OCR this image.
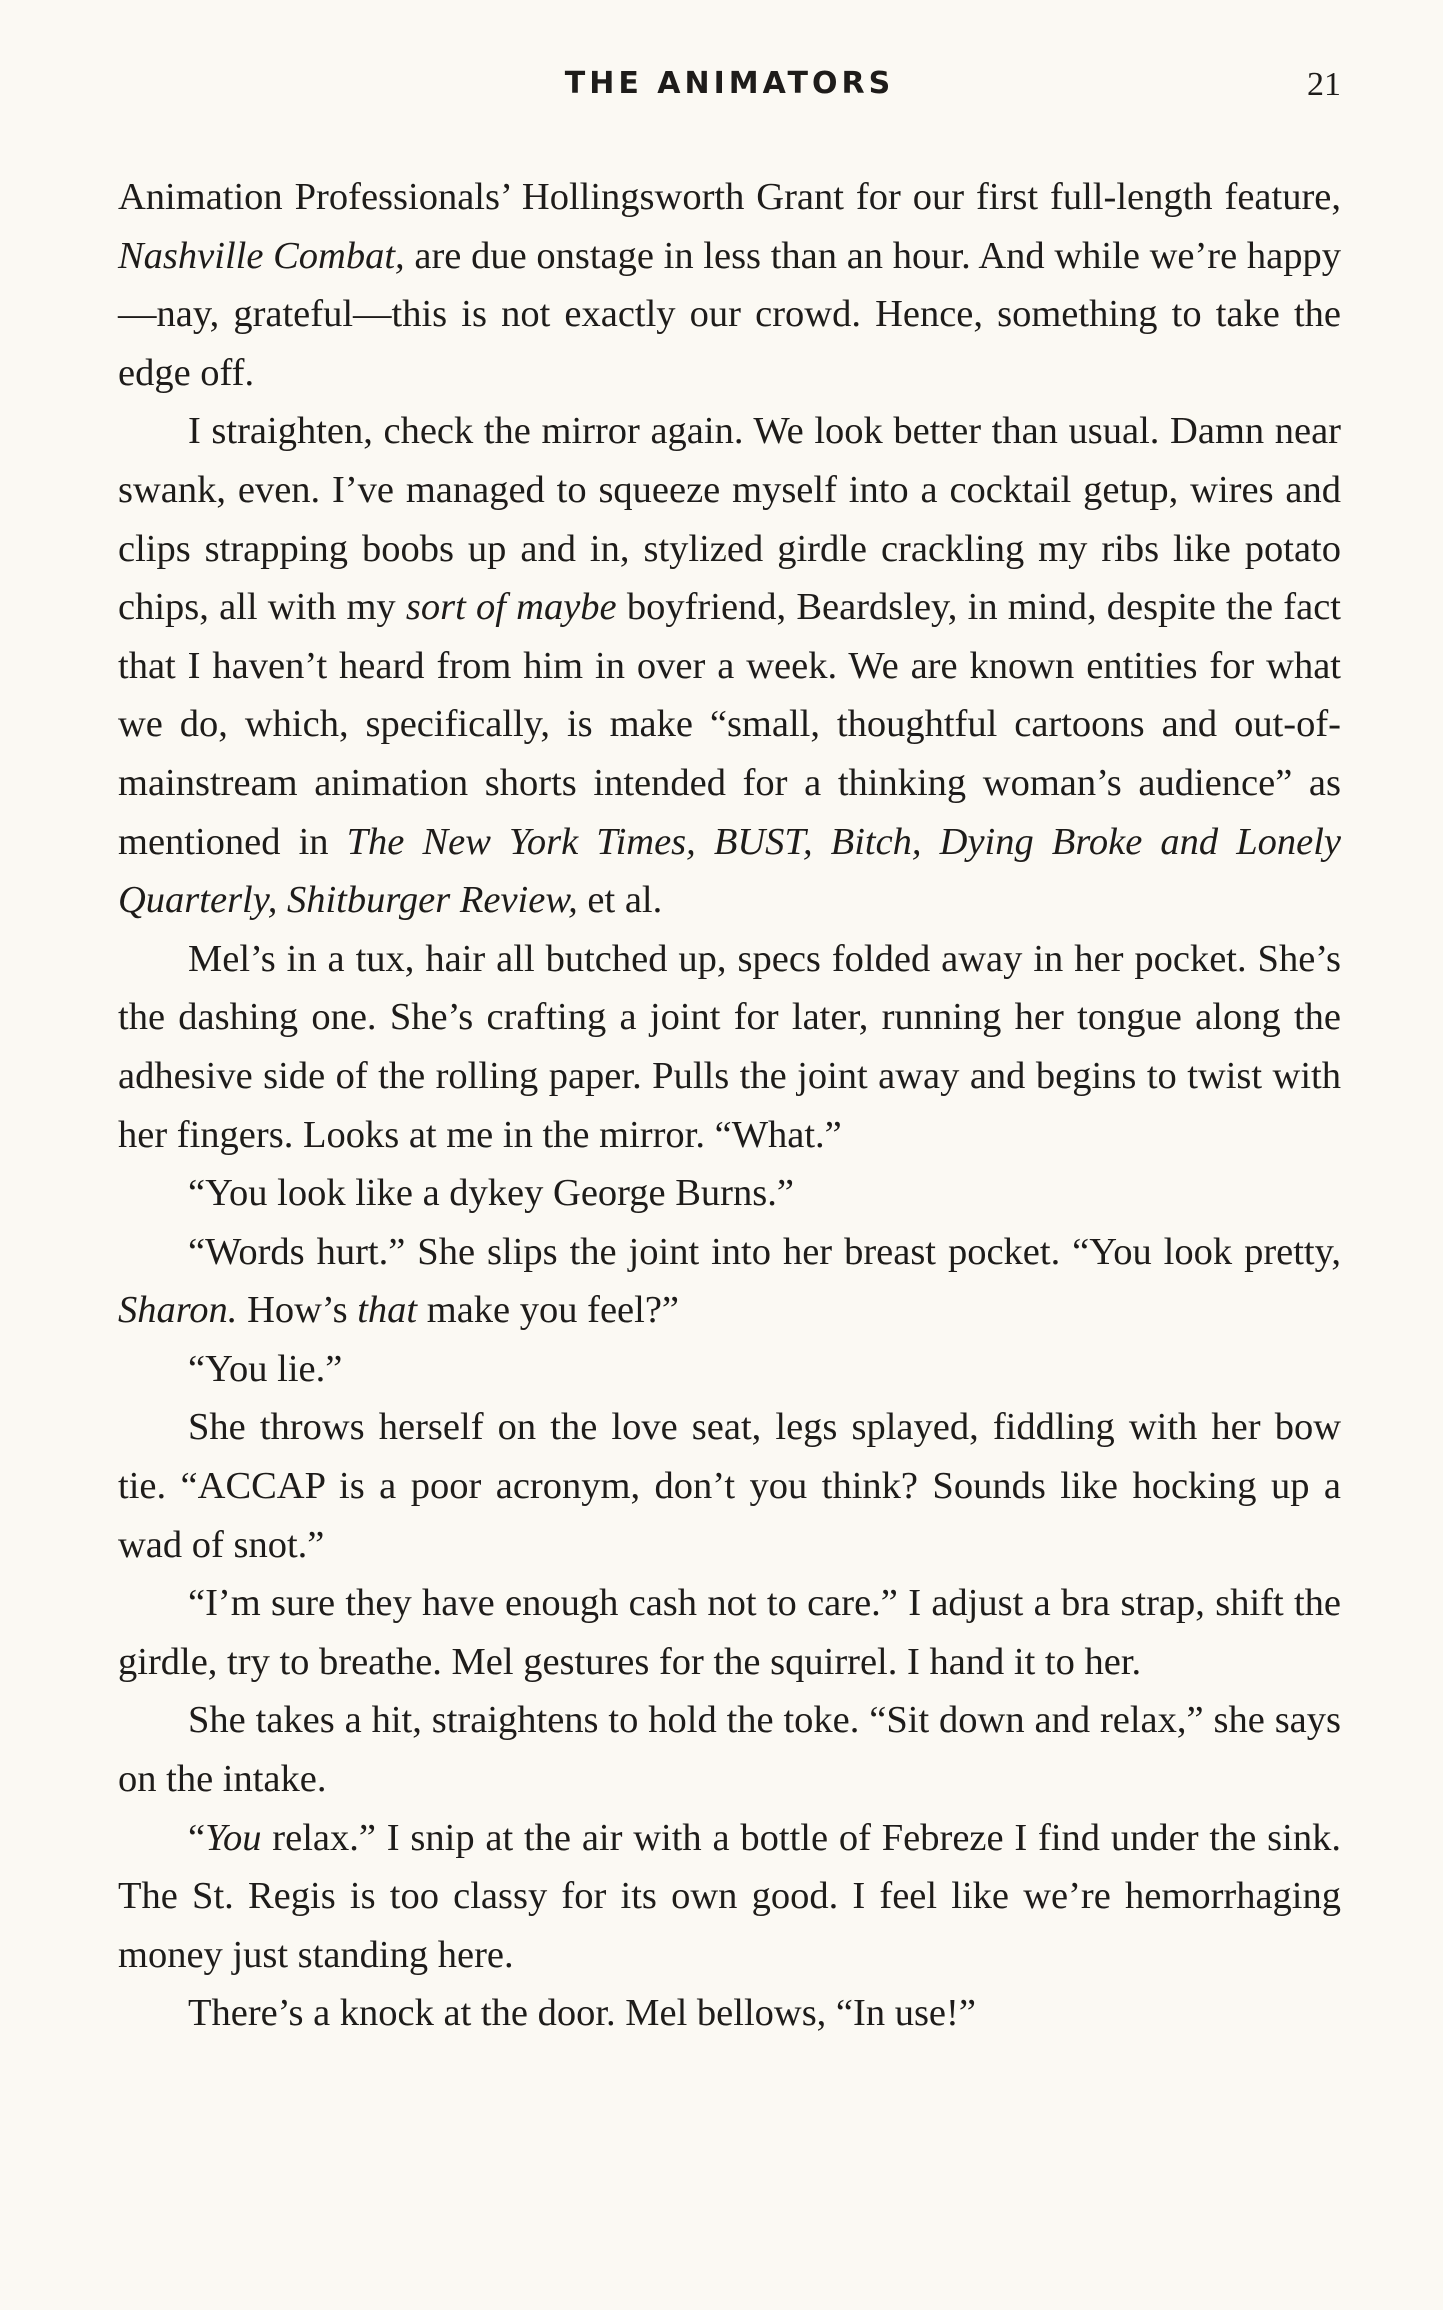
THE ANIMATORS	21

Animation Professionals’ Hollingsworth Grant for our first full-length feature, Nashville Combat, are due onstage in less than an hour. And while we’re happy—nay, grateful—this is not exactly our crowd. Hence, something to take the edge off.

I straighten, check the mirror again. We look better than usual. Damn near swank, even. I’ve managed to squeeze myself into a cocktail getup, wires and clips strapping boobs up and in, stylized girdle crackling my ribs like potato chips, all with my sort of maybe boyfriend, Beardsley, in mind, despite the fact that I haven’t heard from him in over a week. We are known entities for what we do, which, specifically, is make “small, thoughtful cartoons and out-of-mainstream animation shorts intended for a thinking woman’s audience” as mentioned in The New York Times, BUST, Bitch, Dying Broke and Lonely Quarterly, Shitburger Review, et al.

Mel’s in a tux, hair all butched up, specs folded away in her pocket. She’s the dashing one. She’s crafting a joint for later, running her tongue along the adhesive side of the rolling paper. Pulls the joint away and begins to twist with her fingers. Looks at me in the mirror. “What.”

“You look like a dykey George Burns.”

“Words hurt.” She slips the joint into her breast pocket. “You look pretty, Sharon. How’s that make you feel?”

“You lie.”

She throws herself on the love seat, legs splayed, fiddling with her bow tie. “ACCAP is a poor acronym, don’t you think? Sounds like hocking up a wad of snot.”

“I’m sure they have enough cash not to care.” I adjust a bra strap, shift the girdle, try to breathe. Mel gestures for the squirrel. I hand it to her.

She takes a hit, straightens to hold the toke. “Sit down and relax,” she says on the intake.

“You relax.” I snip at the air with a bottle of Febreze I find under the sink. The St. Regis is too classy for its own good. I feel like we’re hemorrhaging money just standing here.

There’s a knock at the door. Mel bellows, “In use!”
